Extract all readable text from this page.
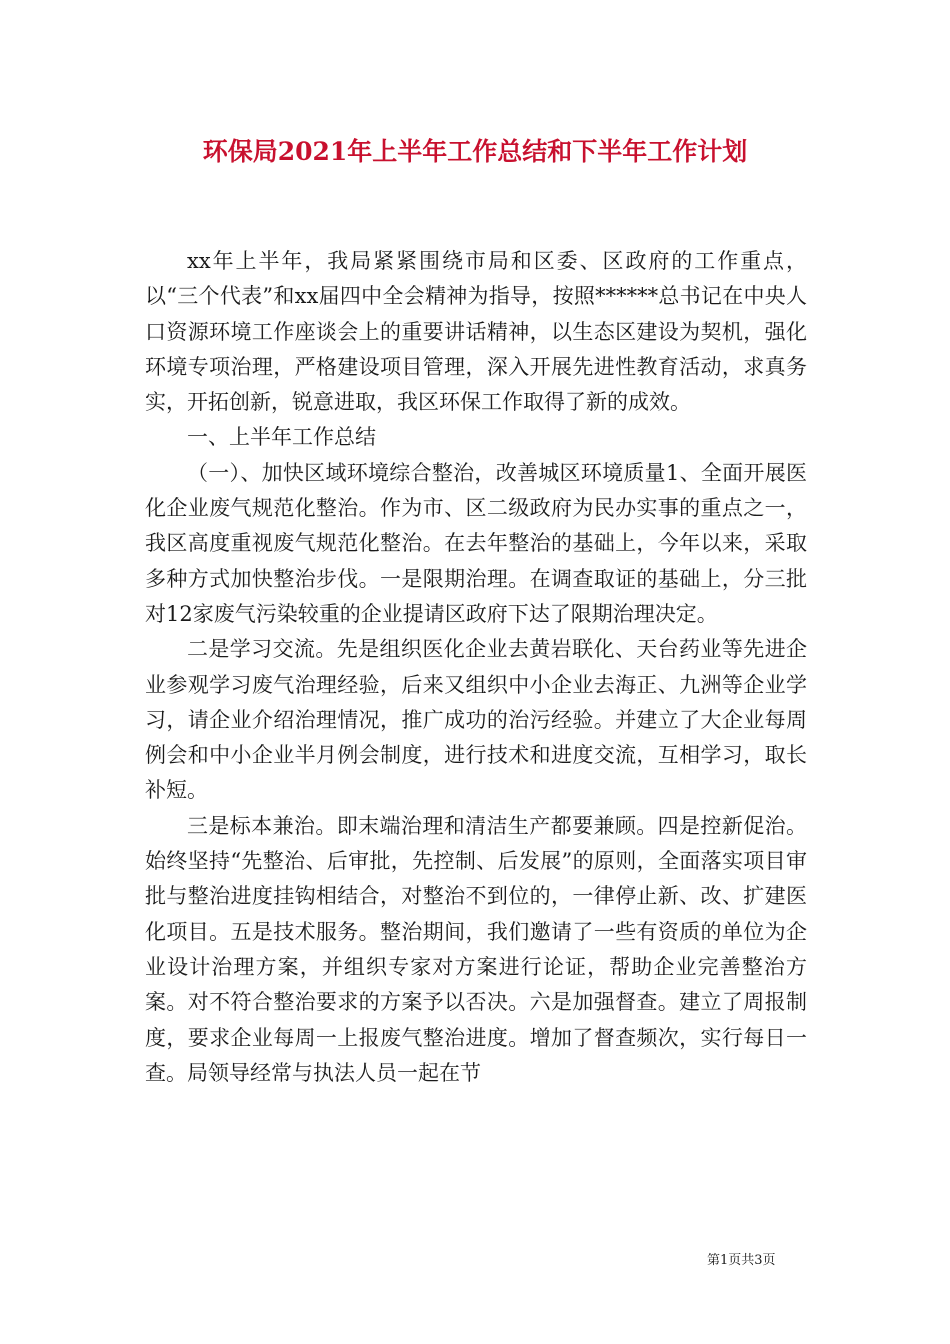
环保局2021年上半年工作总结和下半年工作计划

xx年上半年，我局紧紧围绕市局和区委、区政府的工作重点，以“三个代表”和xx届四中全会精神为指导，按照******总书记在中央人口资源环境工作座谈会上的重要讲话精神，以生态区建设为契机，强化环境专项治理，严格建设项目管理，深入开展先进性教育活动，求真务实，开拓创新，锐意进取，我区环保工作取得了新的成效。

一、上半年工作总结

（一）、加快区域环境综合整治，改善城区环境质量1、全面开展医化企业废气规范化整治。作为市、区二级政府为民办实事的重点之一，我区高度重视废气规范化整治。在去年整治的基础上，今年以来，采取多种方式加快整治步伐。一是限期治理。在调查取证的基础上，分三批对12家废气污染较重的企业提请区政府下达了限期治理决定。

二是学习交流。先是组织医化企业去黄岩联化、天台药业等先进企业参观学习废气治理经验，后来又组织中小企业去海正、九洲等企业学习，请企业介绍治理情况，推广成功的治污经验。并建立了大企业每周例会和中小企业半月例会制度，进行技术和进度交流，互相学习，取长补短。

三是标本兼治。即末端治理和清洁生产都要兼顾。四是控新促治。始终坚持“先整治、后审批，先控制、后发展”的原则，全面落实项目审批与整治进度挂钩相结合，对整治不到位的，一律停止新、改、扩建医化项目。五是技术服务。整治期间，我们邀请了一些有资质的单位为企业设计治理方案，并组织专家对方案进行论证，帮助企业完善整治方案。对不符合整治要求的方案予以否决。六是加强督查。建立了周报制度，要求企业每周一上报废气整治进度。增加了督查频次，实行每日一查。局领导经常与执法人员一起在节

第1页共3页
